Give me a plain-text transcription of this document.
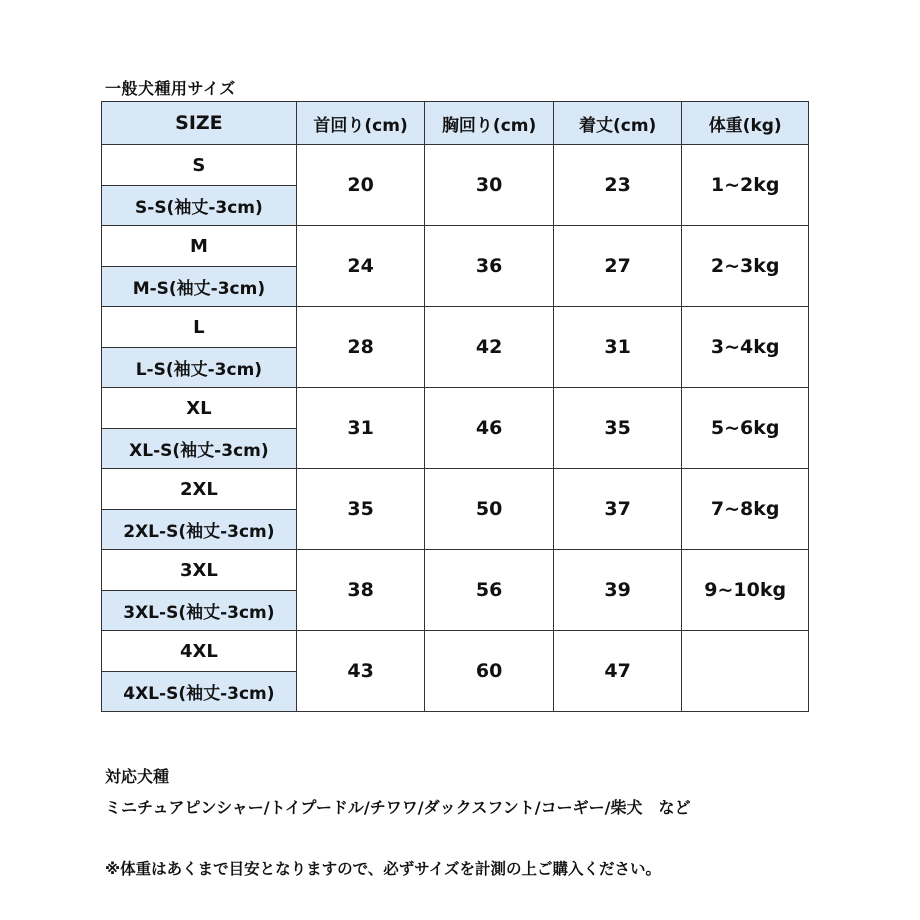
一般犬種用サイズ
SIZE	首回り(cm)	胸回り(cm)	着丈(cm)	体重(kg)
S	20	30	23	1~2kg
S-S(袖丈-3cm)				
M	24	36	27	2~3kg
M-S(袖丈-3cm)				
L	28	42	31	3~4kg
L-S(袖丈-3cm)				
XL	31	46	35	5~6kg
XL-S(袖丈-3cm)				
2XL	35	50	37	7~8kg
2XL-S(袖丈-3cm)				
3XL	38	56	39	9~10kg
3XL-S(袖丈-3cm)				
4XL	43	60	47	
4XL-S(袖丈-3cm)				
対応犬種
ミニチュアピンシャー/トイプードル/チワワ/ダックスフント/コーギー/柴犬　など
※体重はあくまで目安となりますので、必ずサイズを計測の上ご購入ください。
